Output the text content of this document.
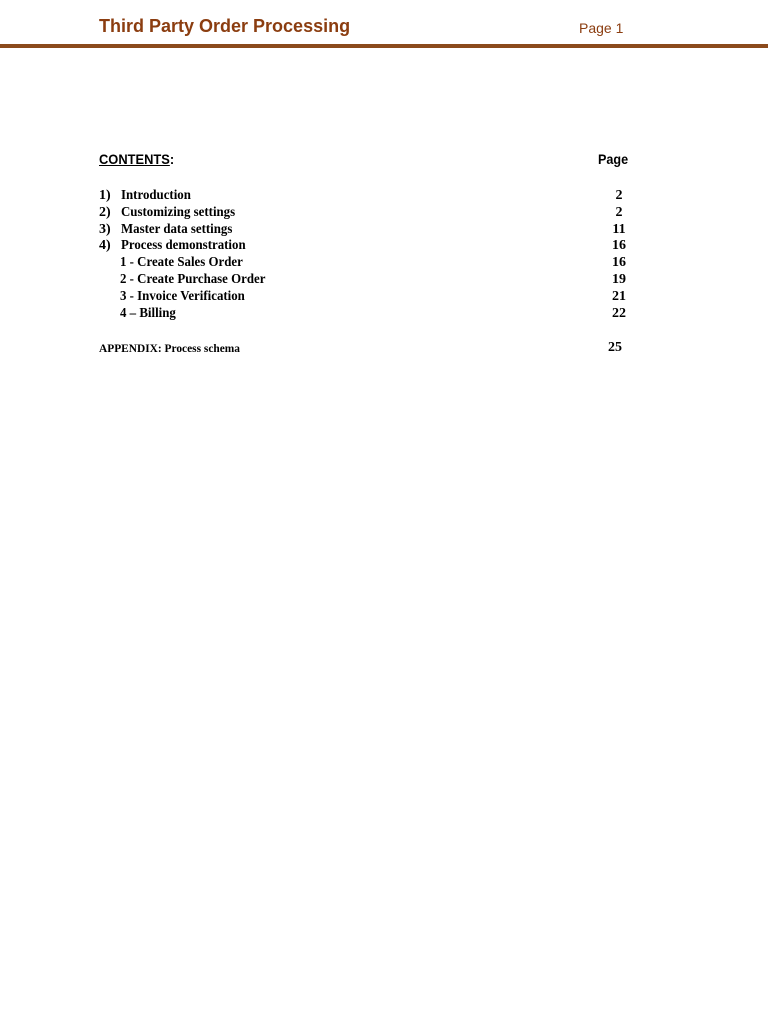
Third Party Order Processing	Page 1
CONTENTS:	Page
1) Introduction	2
2) Customizing settings	2
3) Master data settings	11
4) Process demonstration	16
1 - Create Sales Order	16
2 - Create Purchase Order	19
3 - Invoice Verification	21
4 – Billing	22
APPENDIX: Process schema	25
